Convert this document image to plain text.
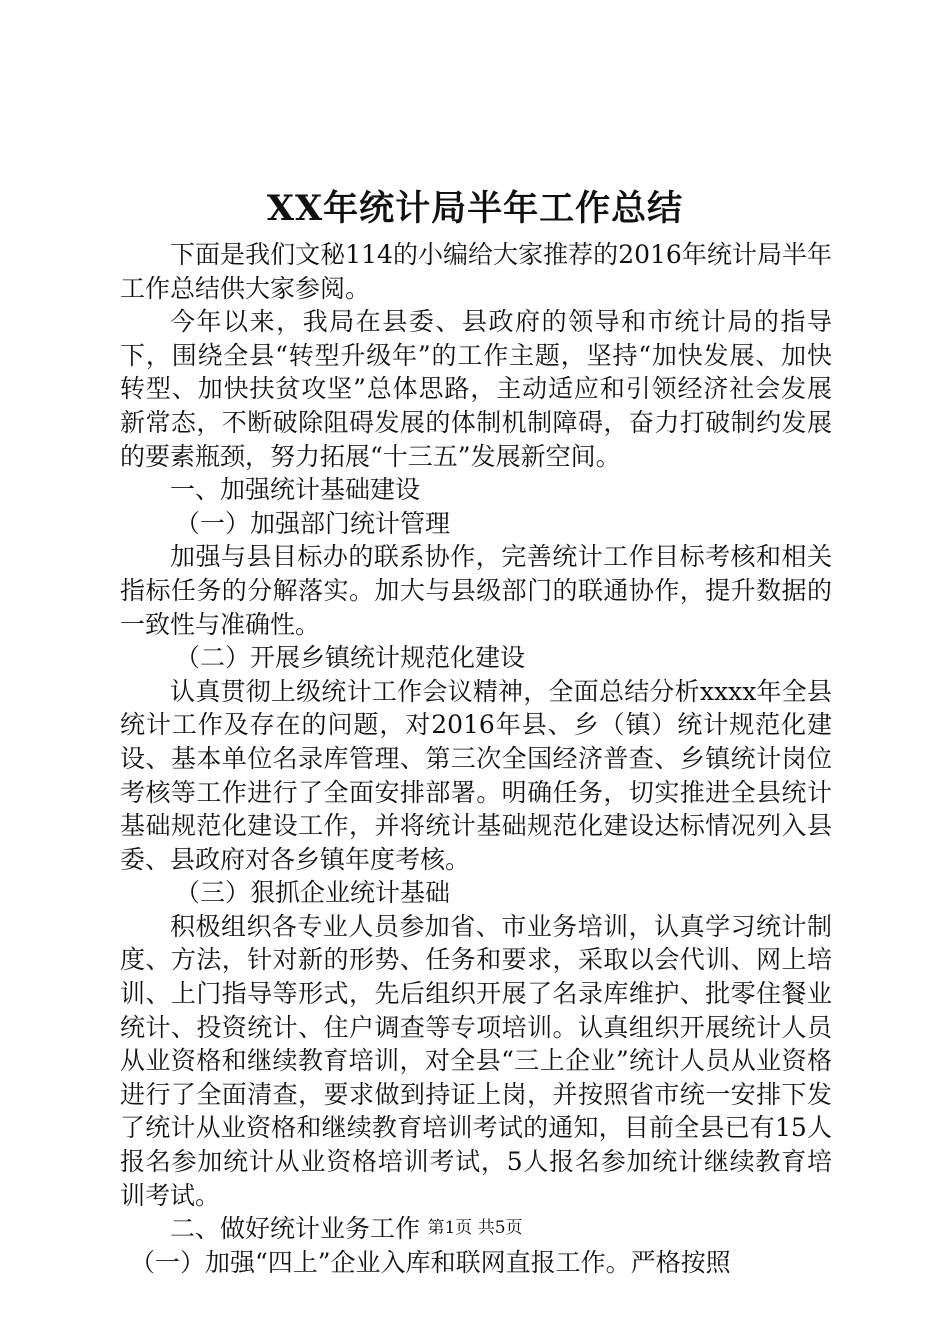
XX年统计局半年工作总结

下面是我们文秘114的小编给大家推荐的2016年统计局半年工作总结供大家参阅。

今年以来，我局在县委、县政府的领导和市统计局的指导下，围绕全县“转型升级年”的工作主题，坚持“加快发展、加快转型、加快扶贫攻坚”总体思路，主动适应和引领经济社会发展新常态，不断破除阻碍发展的体制机制障碍，奋力打破制约发展的要素瓶颈，努力拓展“十三五”发展新空间。

一、加强统计基础建设

（一）加强部门统计管理

加强与县目标办的联系协作，完善统计工作目标考核和相关指标任务的分解落实。加大与县级部门的联通协作，提升数据的一致性与准确性。

（二）开展乡镇统计规范化建设

认真贯彻上级统计工作会议精神，全面总结分析xxxx年全县统计工作及存在的问题，对2016年县、乡（镇）统计规范化建设、基本单位名录库管理、第三次全国经济普查、乡镇统计岗位考核等工作进行了全面安排部署。明确任务，切实推进全县统计基础规范化建设工作，并将统计基础规范化建设达标情况列入县委、县政府对各乡镇年度考核。

（三）狠抓企业统计基础

积极组织各专业人员参加省、市业务培训，认真学习统计制度、方法，针对新的形势、任务和要求，采取以会代训、网上培训、上门指导等形式，先后组织开展了名录库维护、批零住餐业统计、投资统计、住户调查等专项培训。认真组织开展统计人员从业资格和继续教育培训，对全县“三上企业”统计人员从业资格进行了全面清查，要求做到持证上岗，并按照省市统一安排下发了统计从业资格和继续教育培训考试的通知，目前全县已有15人报名参加统计从业资格培训考试，5人报名参加统计继续教育培训考试。

二、做好统计业务工作

（一）加强“四上”企业入库和联网直报工作。严格按照

第1页 共5页
